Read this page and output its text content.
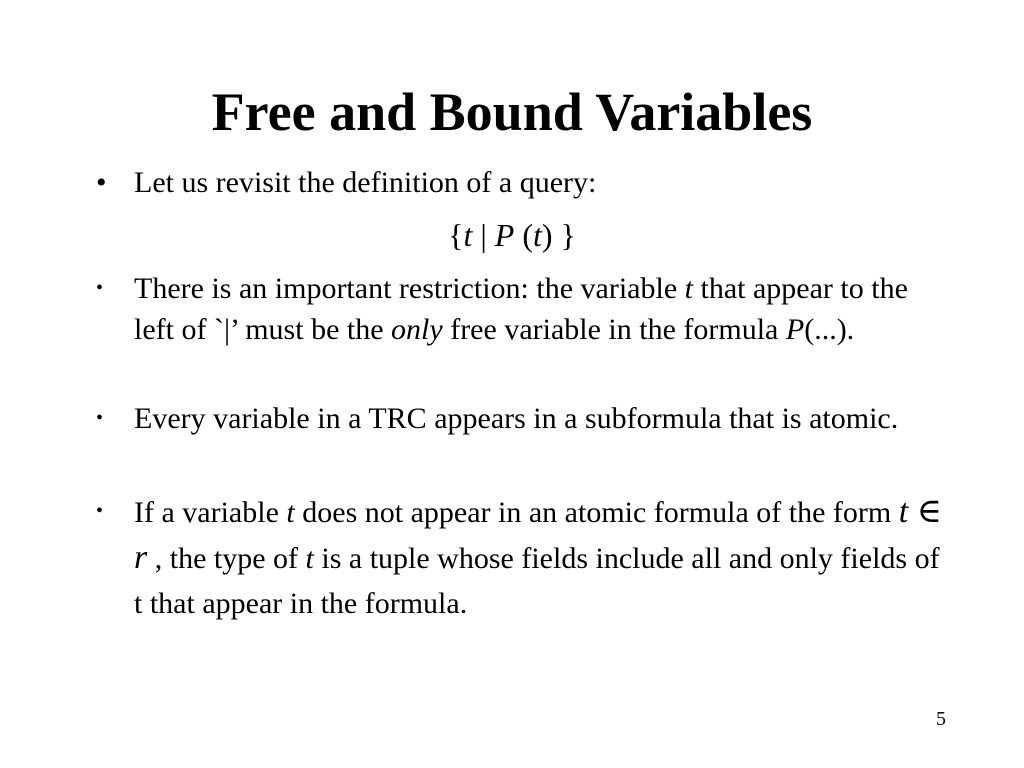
Free and Bound Variables
• Let us revisit the definition of a query:
{t | P (t) }
•	There is an important restriction: the variable t that appear to the left of `|’ must be the only free variable in the formula P(...).
•	Every variable in a TRC appears in a subformula that is atomic.
•	If a variable t does not appear in an atomic formula of the form t ∈ r , the type of t is a tuple whose fields include all and only fields of t that appear in the formula.
5
